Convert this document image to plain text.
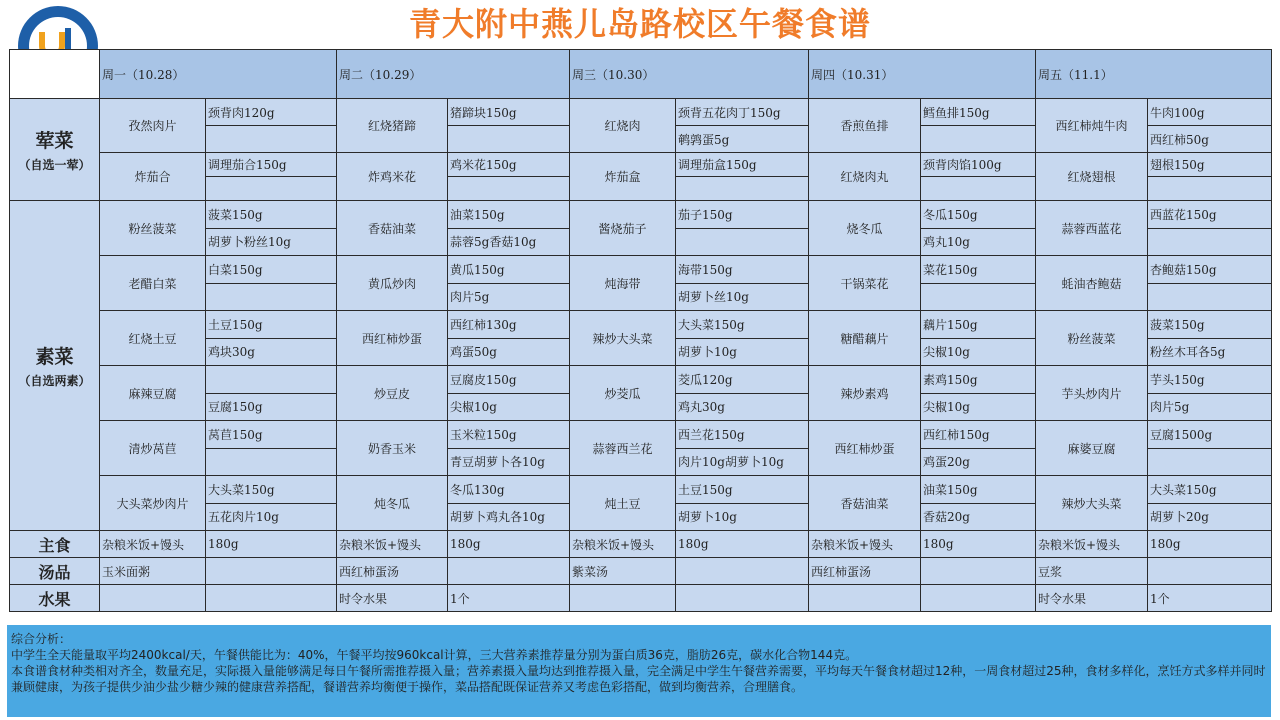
青大附中燕儿岛路校区午餐食谱
	周一（10.28）		周二（10.29）		周三（10.30）		周四（10.31）		周五（11.1）	

荤菜
（自选一荤）	孜然肉片	颈背肉120g	红烧猪蹄	猪蹄块150g	红烧肉	颈背五花肉丁150g	香煎鱼排	鳕鱼排150g	西红柿炖牛肉	牛肉100g
						鹌鹑蛋5g				西红柿50g
	炸茄合	调理茄合150g	炸鸡米花	鸡米花150g	炸茄盒	调理茄盒150g	红烧肉丸	颈背肉馅100g	红烧翅根	翅根150g

素菜
（自选两素）	粉丝菠菜	菠菜150g	香菇油菜	油菜150g	酱烧茄子	茄子150g	烧冬瓜	冬瓜150g	蒜蓉西蓝花	西蓝花150g
		胡萝卜粉丝10g		蒜蓉5g香菇10g				鸡丸10g		
	老醋白菜	白菜150g	黄瓜炒肉	黄瓜150g	炖海带	海带150g	干锅菜花	菜花150g	蚝油杏鲍菇	杏鲍菇150g
				肉片5g		胡萝卜丝10g				
	红烧土豆	土豆150g	西红柿炒蛋	西红柿130g	辣炒大头菜	大头菜150g	糖醋藕片	藕片150g	粉丝菠菜	菠菜150g
		鸡块30g		鸡蛋50g		胡萝卜10g		尖椒10g		粉丝木耳各5g
	麻辣豆腐		炒豆皮	豆腐皮150g	炒茭瓜	茭瓜120g	辣炒素鸡	素鸡150g	芋头炒肉片	芋头150g
		豆腐150g		尖椒10g		鸡丸30g		尖椒10g		肉片5g
	清炒莴苣	莴苣150g	奶香玉米	玉米粒150g	蒜蓉西兰花	西兰花150g	西红柿炒蛋	西红柿150g	麻婆豆腐	豆腐1500g
				青豆胡萝卜各10g		肉片10g胡萝卜10g		鸡蛋20g		
	大头菜炒肉片	大头菜150g	炖冬瓜	冬瓜130g	炖土豆	土豆150g	香菇油菜	油菜150g	辣炒大头菜	大头菜150g
		五花肉片10g		胡萝卜鸡丸各10g		胡萝卜10g		香菇20g		胡萝卜20g

主食	杂粮米饭+馒头	180g	杂粮米饭+馒头	180g	杂粮米饭+馒头	180g	杂粮米饭+馒头	180g	杂粮米饭+馒头	180g

汤品	玉米面粥		西红柿蛋汤		紫菜汤		西红柿蛋汤		豆浆	

水果			时令水果	1个					时令水果	1个

综合分析：

中学生全天能量取平均2400kcal/天，午餐供能比为：40%，午餐平均按960kcal计算，三大营养素推荐量分别为蛋白质36克，脂肪26克，碳水化合物144克。

本食谱食材种类相对齐全，数量充足，实际摄入量能够满足每日午餐所需推荐摄入量；营养素摄入量均达到推荐摄入量，完全满足中学生午餐营养需要，平均每天午餐食材超过12种，一周食材超过25种，食材多样化，烹饪方式多样并同时兼顾健康，为孩子提供少油少盐少糖少辣的健康营养搭配，餐谱营养均衡便于操作，菜品搭配既保证营养又考虑色彩搭配，做到均衡营养，合理膳食。
